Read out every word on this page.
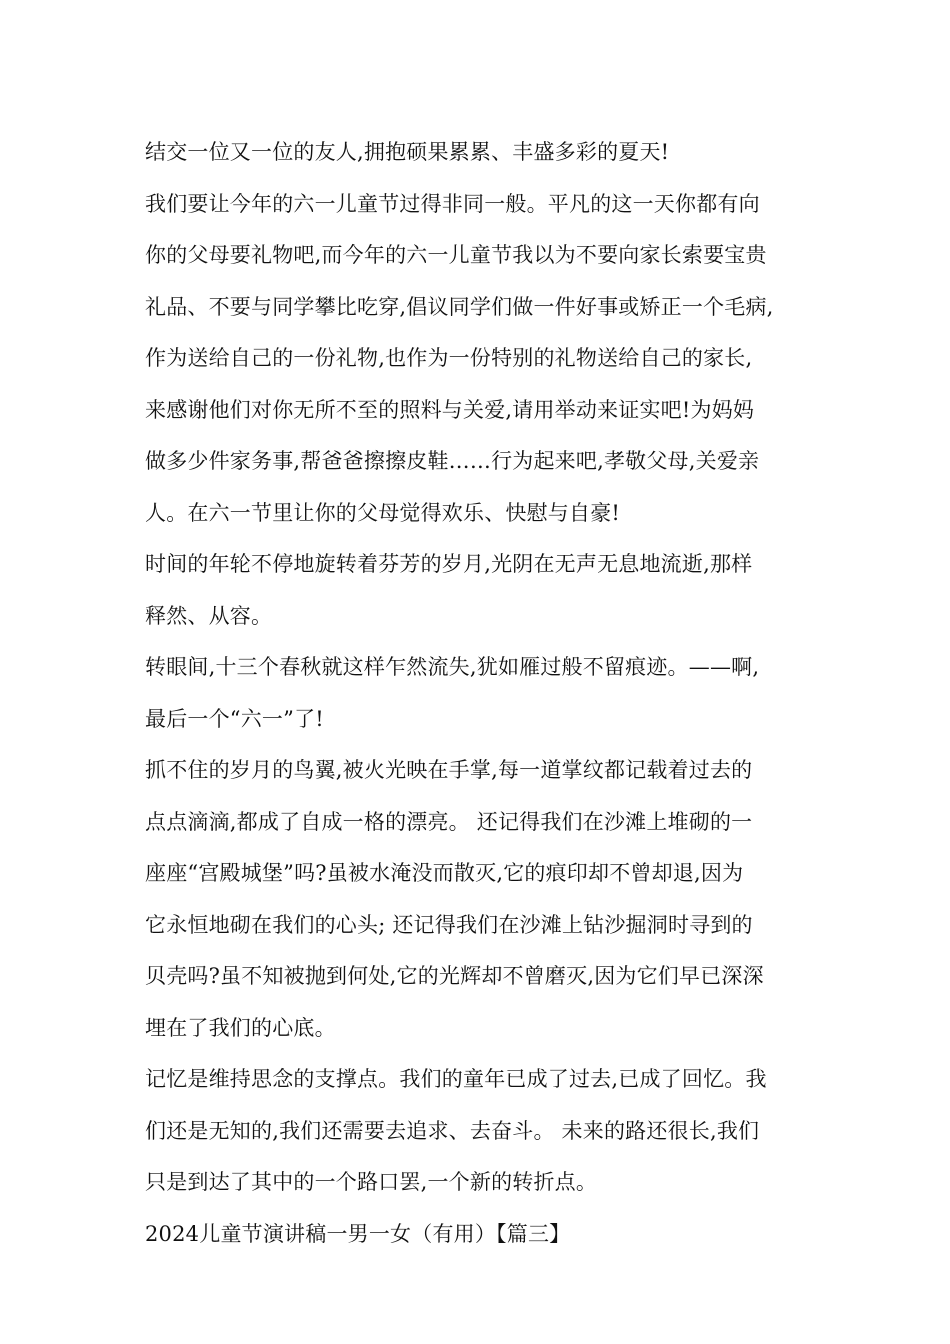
结交一位又一位的友人,拥抱硕果累累、丰盛多彩的夏天!
我们要让今年的六一儿童节过得非同一般。平凡的这一天你都有向
你的父母要礼物吧,而今年的六一儿童节我以为不要向家长索要宝贵
礼品、不要与同学攀比吃穿,倡议同学们做一件好事或矫正一个毛病,
作为送给自己的一份礼物,也作为一份特别的礼物送给自己的家长,
来感谢他们对你无所不至的照料与关爱,请用举动来证实吧!为妈妈
做多少件家务事,帮爸爸擦擦皮鞋……行为起来吧,孝敬父母,关爱亲
人。在六一节里让你的父母觉得欢乐、快慰与自豪!
时间的年轮不停地旋转着芬芳的岁月,光阴在无声无息地流逝,那样
释然、从容。
转眼间,十三个春秋就这样乍然流失,犹如雁过般不留痕迹。——啊,
最后一个“六一”了!
抓不住的岁月的鸟翼,被火光映在手掌,每一道掌纹都记载着过去的
点点滴滴,都成了自成一格的漂亮。 还记得我们在沙滩上堆砌的一
座座“宫殿城堡”吗?虽被水淹没而散灭,它的痕印却不曾却退,因为
它永恒地砌在我们的心头; 还记得我们在沙滩上钻沙掘洞时寻到的
贝壳吗?虽不知被抛到何处,它的光辉却不曾磨灭,因为它们早已深深
埋在了我们的心底。
记忆是维持思念的支撑点。我们的童年已成了过去,已成了回忆。我
们还是无知的,我们还需要去追求、去奋斗。 未来的路还很长,我们
只是到达了其中的一个路口罢,一个新的转折点。
2024儿童节演讲稿一男一女（有用）【篇三】
